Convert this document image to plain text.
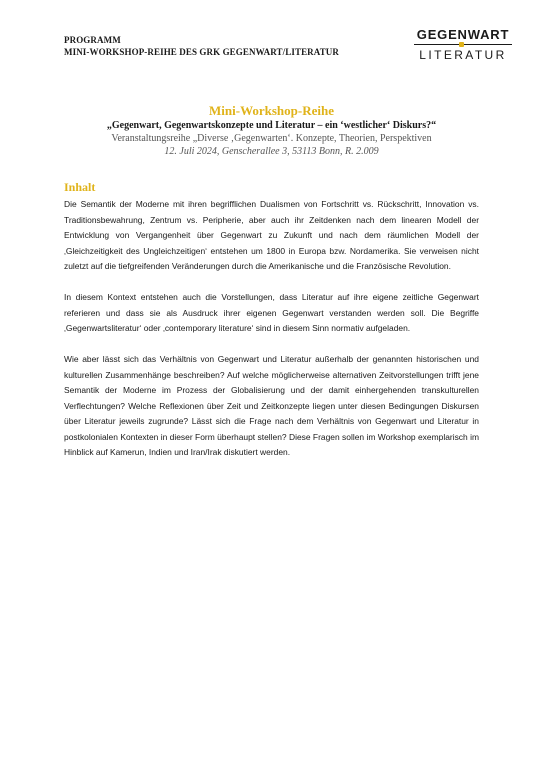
PROGRAMM
MINI-WORKSHOP-REIHE DES GRK GEGENWART/LITERATUR
GEGENWART
LITERATUR
Mini-Workshop-Reihe
„Gegenwart, Gegenwartskonzepte und Literatur – ein ‘westlicher‘ Diskurs?“
Veranstaltungsreihe „Diverse ‚Gegenwarten‘. Konzepte, Theorien, Perspektiven
12. Juli 2024, Genscherallee 3, 53113 Bonn, R. 2.009
Inhalt

Die Semantik der Moderne mit ihren begrifflichen Dualismen von Fortschritt vs. Rückschritt, Innovation vs. Traditionsbewahrung, Zentrum vs. Peripherie, aber auch ihr Zeitdenken nach dem linearen Modell der Entwicklung von Vergangenheit über Gegenwart zu Zukunft und nach dem räumlichen Modell der ‚Gleichzeitigkeit des Ungleichzeitigen‘ entstehen um 1800 in Europa bzw. Nordamerika. Sie verweisen nicht zuletzt auf die tiefgreifenden Veränderungen durch die Amerikanische und die Französische Revolution.

In diesem Kontext entstehen auch die Vorstellungen, dass Literatur auf ihre eigene zeitliche Gegenwart referieren und dass sie als Ausdruck ihrer eigenen Gegenwart verstanden werden soll. Die Begriffe ‚Gegenwartsliteratur‘ oder ‚contemporary literature‘ sind in diesem Sinn normativ aufgeladen.

Wie aber lässt sich das Verhältnis von Gegenwart und Literatur außerhalb der genannten historischen und kulturellen Zusammenhänge beschreiben? Auf welche möglicherweise alternativen Zeitvorstellungen trifft jene Semantik der Moderne im Prozess der Globalisierung und der damit einhergehenden transkulturellen Verflechtungen? Welche Reflexionen über Zeit und Zeitkonzepte liegen unter diesen Bedingungen Diskursen über Literatur jeweils zugrunde? Lässt sich die Frage nach dem Verhältnis von Gegenwart und Literatur in postkolonialen Kontexten in dieser Form überhaupt stellen? Diese Fragen sollen im Workshop exemplarisch im Hinblick auf Kamerun, Indien und Iran/Irak diskutiert werden.
